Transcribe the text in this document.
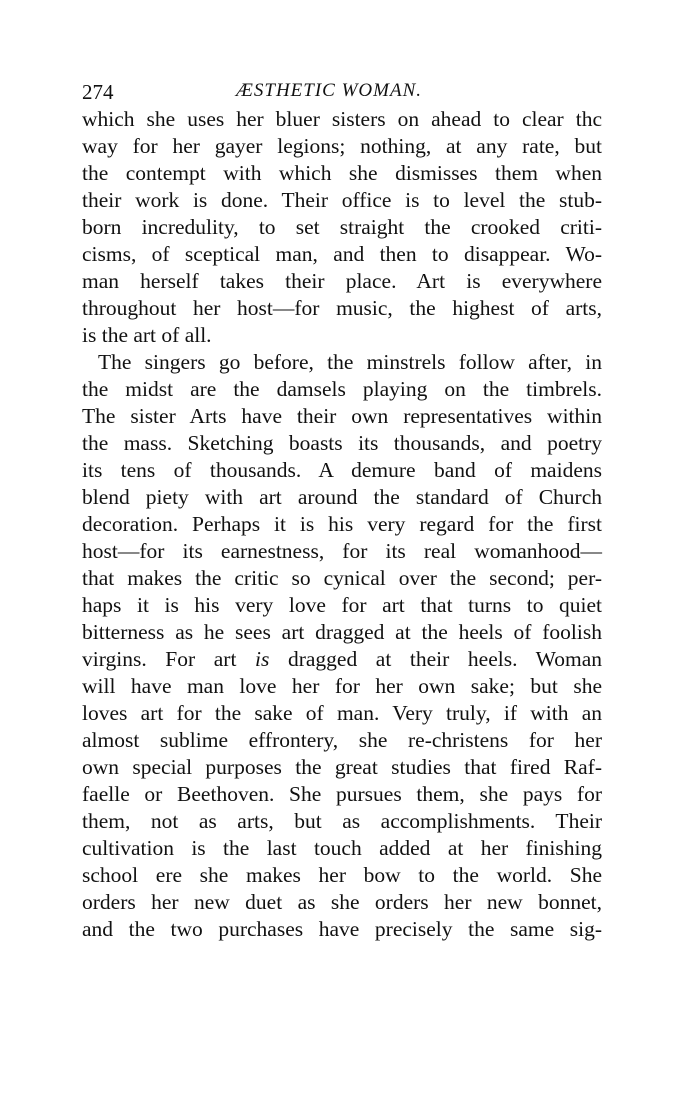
274	ÆSTHETIC WOMAN.
which she uses her bluer sisters on ahead to clear thc
way for her gayer legions; nothing, at any rate, but
the contempt with which she dismisses them when
their work is done. Their office is to level the stub-
born incredulity, to set straight the crooked criti-
cisms, of sceptical man, and then to disappear. Wo-
man herself takes their place. Art is everywhere
throughout her host—for music, the highest of arts,
is the art of all.
The singers go before, the minstrels follow after, in
the midst are the damsels playing on the timbrels.
The sister Arts have their own representatives within
the mass. Sketching boasts its thousands, and poetry
its tens of thousands. A demure band of maidens
blend piety with art around the standard of Church
decoration. Perhaps it is his very regard for the first
host—for its earnestness, for its real womanhood—
that makes the critic so cynical over the second; per-
haps it is his very love for art that turns to quiet
bitterness as he sees art dragged at the heels of foolish
virgins. For art is dragged at their heels. Woman
will have man love her for her own sake; but she
loves art for the sake of man. Very truly, if with an
almost sublime effrontery, she re-christens for her
own special purposes the great studies that fired Raf-
faelle or Beethoven. She pursues them, she pays for
them, not as arts, but as accomplishments. Their
cultivation is the last touch added at her finishing
school ere she makes her bow to the world. She
orders her new duet as she orders her new bonnet,
and the two purchases have precisely the same sig-
